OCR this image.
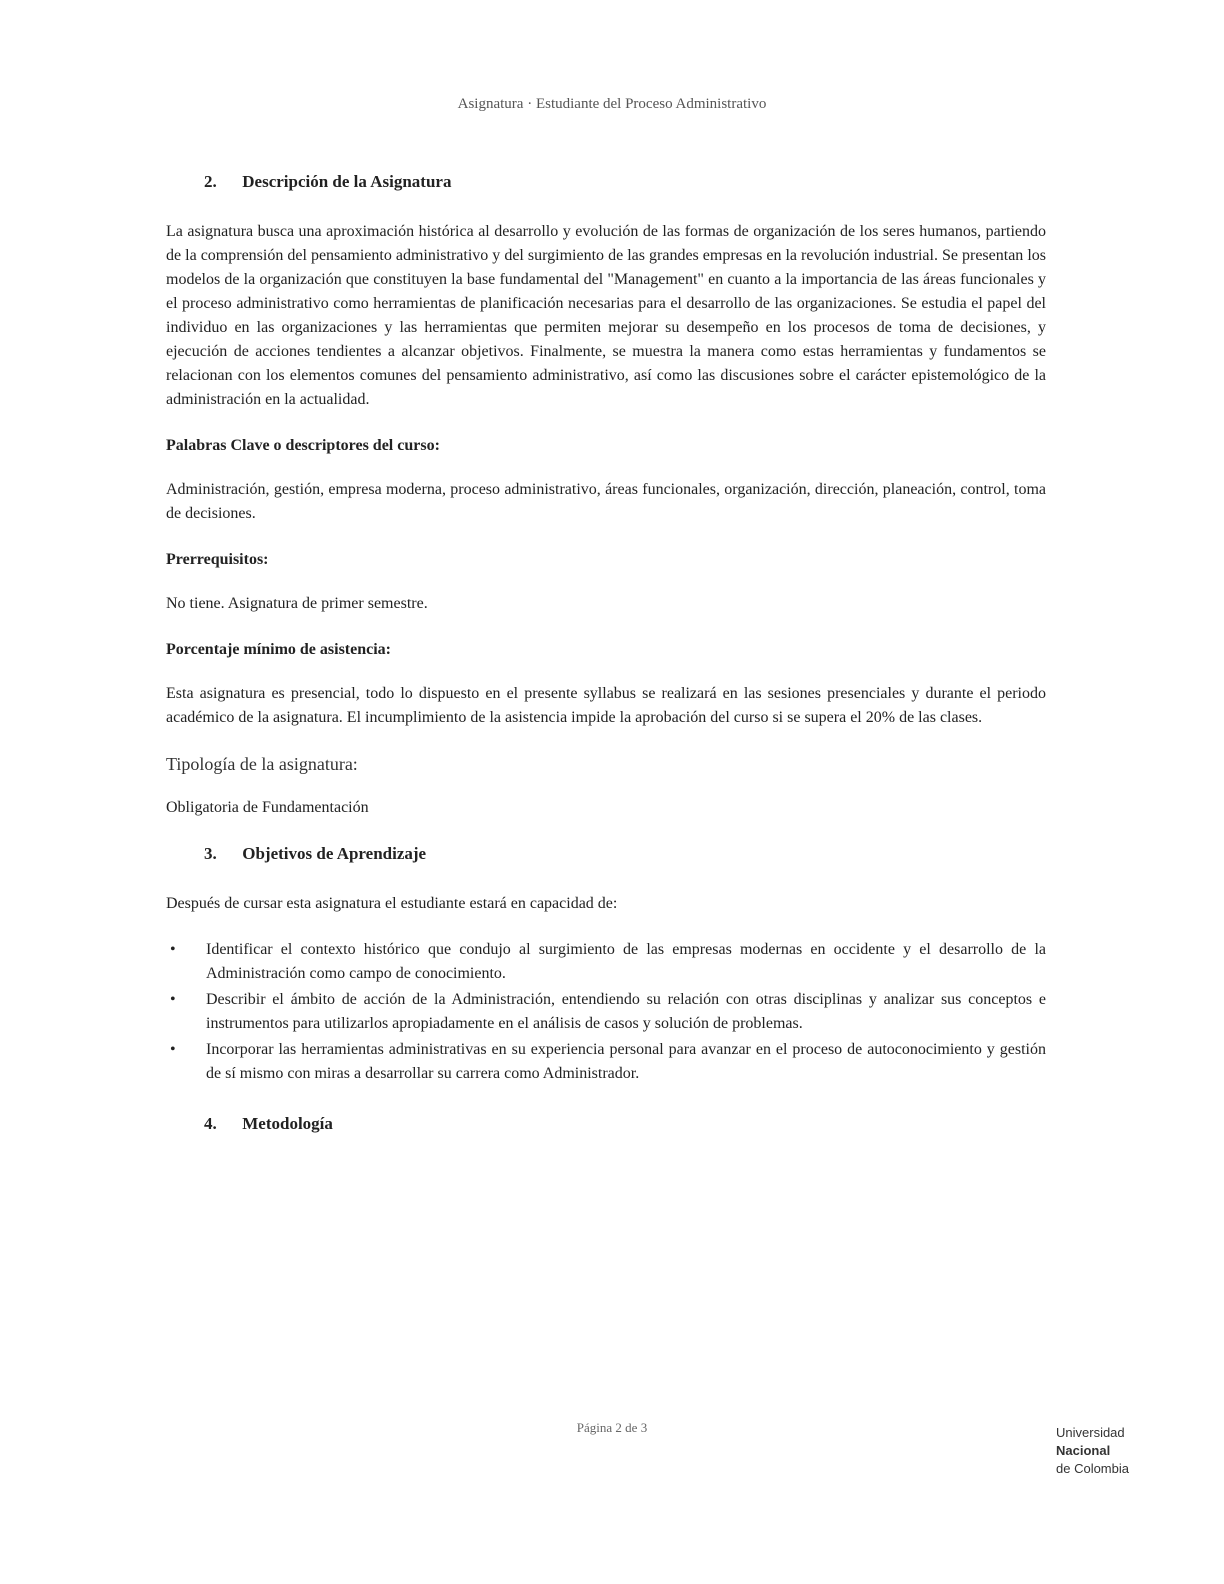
Asignatura · Estudiante del Proceso Administrativo
2. Descripción de la Asignatura

La asignatura busca una aproximación histórica al desarrollo y evolución de las formas de organización de los seres humanos, partiendo de la comprensión del pensamiento administrativo y del surgimiento de las grandes empresas en la revolución industrial. Se presentan los modelos de la organización que constituyen la base fundamental del "Management" en cuanto a la importancia de las áreas funcionales y el proceso administrativo como herramientas de planificación necesarias para el desarrollo de las organizaciones. Se estudia el papel del individuo en las organizaciones y las herramientas que permiten mejorar su desempeño en los procesos de toma de decisiones, y ejecución de acciones tendientes a alcanzar objetivos. Finalmente, se muestra la manera como estas herramientas y fundamentos se relacionan con los elementos comunes del pensamiento administrativo, así como las discusiones sobre el carácter epistemológico de la administración en la actualidad.

Palabras Clave o descriptores del curso:

Administración, gestión, empresa moderna, proceso administrativo, áreas funcionales, organización, dirección, planeación, control, toma de decisiones.

Prerrequisitos:

No tiene. Asignatura de primer semestre.

Porcentaje mínimo de asistencia:

Esta asignatura es presencial, todo lo dispuesto en el presente syllabus se realizará en las sesiones presenciales y durante el periodo académico de la asignatura. El incumplimiento de la asistencia impide la aprobación del curso si se supera el 20% de las clases.

Tipología de la asignatura:

Obligatoria de Fundamentación

3. Objetivos de Aprendizaje

Después de cursar esta asignatura el estudiante estará en capacidad de:

• Identificar el contexto histórico que condujo al surgimiento de las empresas modernas en occidente y el desarrollo de la Administración como campo de conocimiento.
• Describir el ámbito de acción de la Administración, entendiendo su relación con otras disciplinas y analizar sus conceptos e instrumentos para utilizarlos apropiadamente en el análisis de casos y solución de problemas.
• Incorporar las herramientas administrativas en su experiencia personal para avanzar en el proceso de autoconocimiento y gestión de sí mismo con miras a desarrollar su carrera como Administrador.
4. Metodología
Página 2 de 3	Universidad
Nacional
de Colombia
